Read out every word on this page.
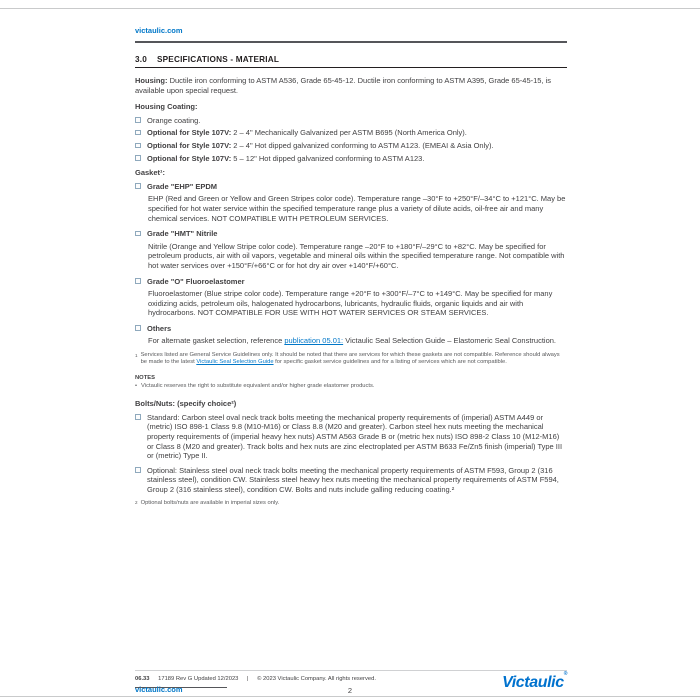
victaulic.com
3.0 SPECIFICATIONS - MATERIAL

Housing: Ductile iron conforming to ASTM A536, Grade 65-45-12. Ductile iron conforming to ASTM A395, Grade 65-45-15, is available upon special request.

Housing Coating:

Orange coating.

Optional for Style 107V: 2 – 4" Mechanically Galvanized per ASTM B695 (North America Only).

Optional for Style 107V: 2 – 4" Hot dipped galvanized conforming to ASTM A123. (EMEAI & Asia Only).

Optional for Style 107V: 5 – 12" Hot dipped galvanized conforming to ASTM A123.

Gasket¹:

Grade "EHP" EPDM

EHP (Red and Green or Yellow and Green Stripes color code). Temperature range –30°F to +250°F/–34°C to +121°C. May be specified for hot water service within the specified temperature range plus a variety of dilute acids, oil-free air and many chemical services. NOT COMPATIBLE WITH PETROLEUM SERVICES.

Grade "HMT" Nitrile

Nitrile (Orange and Yellow Stripe color code). Temperature range –20°F to +180°F/–29°C to +82°C. May be specified for petroleum products, air with oil vapors, vegetable and mineral oils within the specified temperature range. Not compatible with hot water services over +150°F/+66°C or for hot dry air over +140°F/+60°C.

Grade "O" Fluoroelastomer

Fluoroelastomer (Blue stripe color code). Temperature range +20°F to +300°F/–7°C to +149°C. May be specified for many oxidizing acids, petroleum oils, halogenated hydrocarbons, lubricants, hydraulic fluids, organic liquids and air with hydrocarbons. NOT COMPATIBLE FOR USE WITH HOT WATER SERVICES OR STEAM SERVICES.

Others

For alternate gasket selection, reference publication 05.01: Victaulic Seal Selection Guide – Elastomeric Seal Construction.

1 Services listed are General Service Guidelines only. It should be noted that there are services for which these gaskets are not compatible. Reference should always be made to the latest Victaulic Seal Selection Guide for specific gasket service guidelines and for a listing of services which are not compatible.

NOTES

• Victaulic reserves the right to substitute equivalent and/or higher grade elastomer products.

Bolts/Nuts: (specify choice²)

Standard: Carbon steel oval neck track bolts meeting the mechanical property requirements of (imperial) ASTM A449 or (metric) ISO 898-1 Class 9.8 (M10-M16) or Class 8.8 (M20 and greater). Carbon steel hex nuts meeting the mechanical property requirements of (imperial heavy hex nuts) ASTM A563 Grade B or (metric hex nuts) ISO 898-2 Class 10 (M12-M16) or Class 8 (M20 and greater). Track bolts and hex nuts are zinc electroplated per ASTM B633 Fe/Zn5 finish (imperial) Type III or (metric) Type II.

Optional: Stainless steel oval neck track bolts meeting the mechanical property requirements of ASTM F593, Group 2 (316 stainless steel), condition CW. Stainless steel heavy hex nuts meeting the mechanical property requirements of ASTM F594, Group 2 (316 stainless steel), condition CW. Bolts and nuts include galling reducing coating.²

2 Optional bolts/nuts are available in imperial sizes only.

06.33 17189 Rev G Updated 12/2023 | © 2023 Victaulic Company. All rights reserved.
victaulic.com	2	Victaulic®
